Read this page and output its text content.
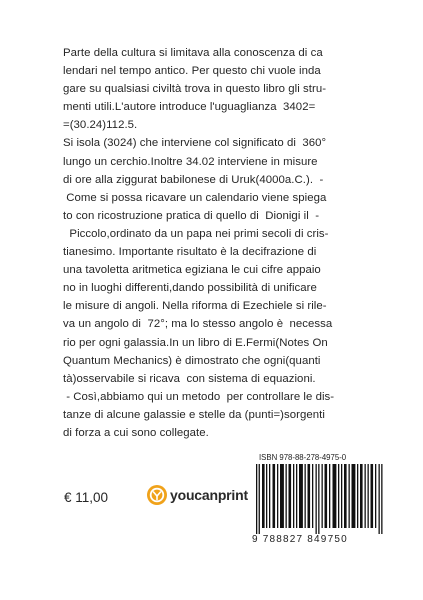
Parte della cultura si limitava alla conoscenza di ca
lendari nel tempo antico. Per questo chi vuole inda
gare su qualsiasi civiltà trova in questo libro gli stru-
menti utili.L'autore introduce l'uguaglianza  3402=
=(30.24)112.5.
Si isola (3024) che interviene col significato di  360°
lungo un cerchio.Inoltre 34.02 interviene in misure
di ore alla ziggurat babilonese di Uruk(4000a.C.).  -
Come si possa ricavare un calendario viene spiega
to con ricostruzione pratica di quello di  Dionigi il  -
Piccolo,ordinato da un papa nei primi secoli di cris-
tianesimo. Importante risultato è la decifrazione di
una tavoletta aritmetica egiziana le cui cifre appaio
no in luoghi differenti,dando possibilità di unificare
le misure di angoli. Nella riforma di Ezechiele si rile-
va un angolo di  72°; ma lo stesso angolo è  necessa
rio per ogni galassia.In un libro di E.Fermi(Notes On
Quantum Mechanics) è dimostrato che ogni(quanti
tà)osservabile si ricava  con sistema di equazioni.
- Così,abbiamo qui un metodo  per controllare le dis-
tanze di alcune galassie e stelle da (punti=)sorgenti
di forza a cui sono collegate.
€ 11,00	youcanprint
ISBN 978-88-278-4975-0
9 788827 849750
